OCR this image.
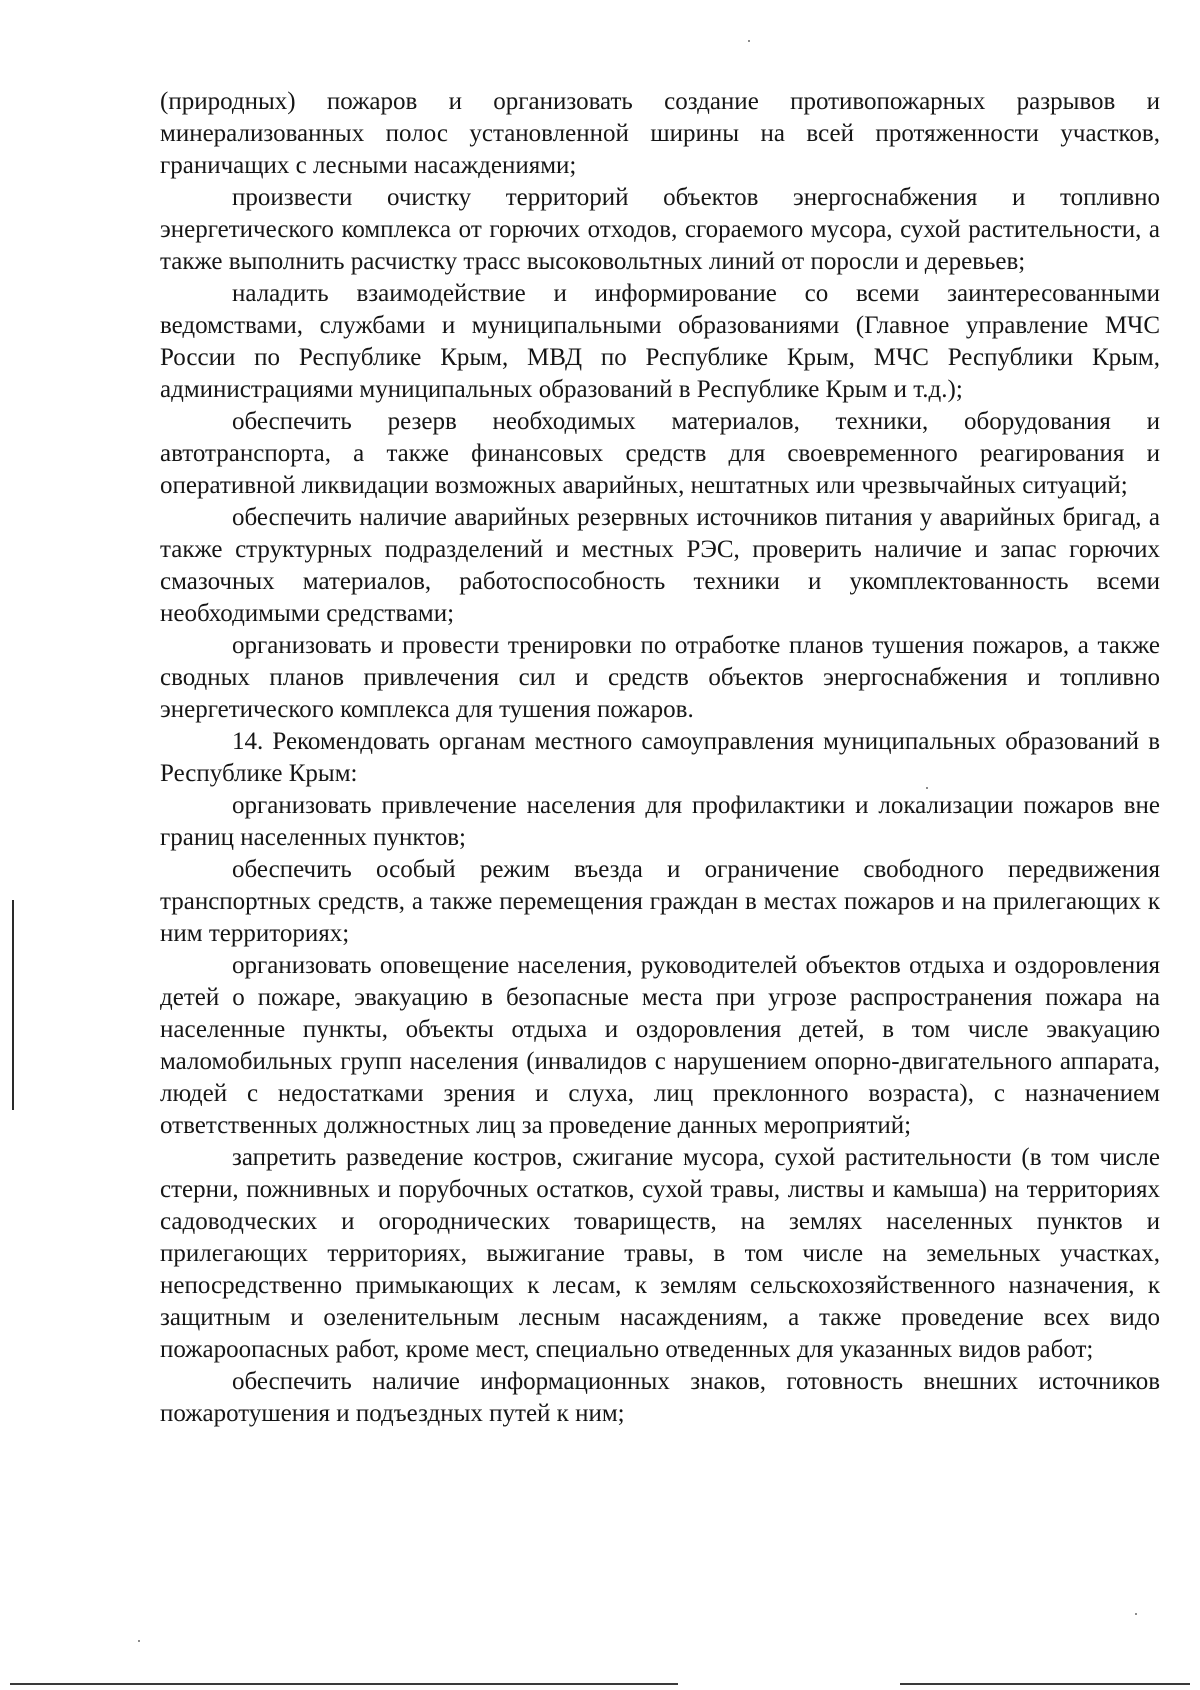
(природных) пожаров и организовать создание противопожарных разрывов и минерализованных полос установленной ширины на всей протяженности участков, граничащих с лесными насаждениями;

произвести очистку территорий объектов энергоснабжения и топливно энергетического комплекса от горючих отходов, сгораемого мусора, сухой растительности, а также выполнить расчистку трасс высоковольтных линий от поросли и деревьев;

наладить взаимодействие и информирование со всеми заинтересованными ведомствами, службами и муниципальными образованиями (Главное управление МЧС России по Республике Крым, МВД по Республике Крым, МЧС Республики Крым, администрациями муниципальных образований в Республике Крым и т.д.);

обеспечить резерв необходимых материалов, техники, оборудования и автотранспорта, а также финансовых средств для своевременного реагирования и оперативной ликвидации возможных аварийных, нештатных или чрезвычайных ситуаций;

обеспечить наличие аварийных резервных источников питания у аварийных бригад, а также структурных подразделений и местных РЭС, проверить наличие и запас горючих смазочных материалов, работоспособность техники и укомплектованность всеми необходимыми средствами;

организовать и провести тренировки по отработке планов тушения пожаров, а также сводных планов привлечения сил и средств объектов энергоснабжения и топливно энергетического комплекса для тушения пожаров.

14. Рекомендовать органам местного самоуправления муниципальных образований в Республике Крым:

организовать привлечение населения для профилактики и локализации пожаров вне границ населенных пунктов;

обеспечить особый режим въезда и ограничение свободного передвижения транспортных средств, а также перемещения граждан в местах пожаров и на прилегающих к ним территориях;

организовать оповещение населения, руководителей объектов отдыха и оздоровления детей о пожаре, эвакуацию в безопасные места при угрозе распространения пожара на населенные пункты, объекты отдыха и оздоровления детей, в том числе эвакуацию маломобильных групп населения (инвалидов с нарушением опорно-двигательного аппарата, людей с недостатками зрения и слуха, лиц преклонного возраста), с назначением ответственных должностных лиц за проведение данных мероприятий;

запретить разведение костров, сжигание мусора, сухой растительности (в том числе стерни, пожнивных и порубочных остатков, сухой травы, листвы и камыша) на территориях садоводческих и огороднических товариществ, на землях населенных пунктов и прилегающих территориях, выжигание травы, в том числе на земельных участках, непосредственно примыкающих к лесам, к землям сельскохозяйственного назначения, к защитным и озеленительным лесным насаждениям, а также проведение всех видо пожароопасных работ, кроме мест, специально отведенных для указанных видов работ;

обеспечить наличие информационных знаков, готовность внешних источников пожаротушения и подъездных путей к ним;
